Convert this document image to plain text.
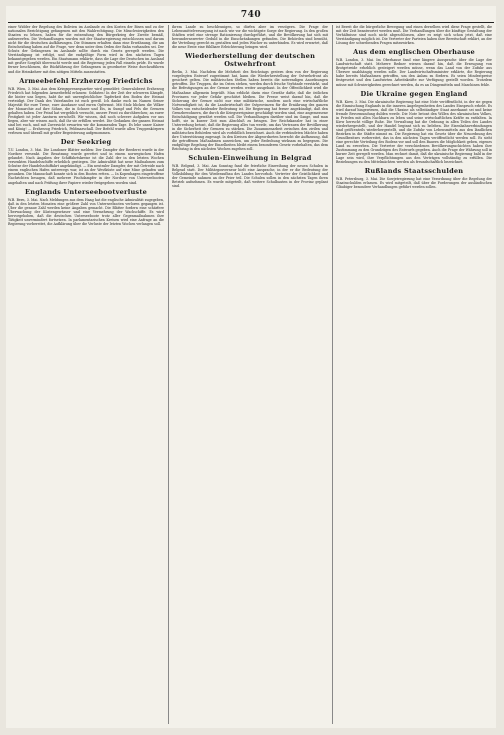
740

einer Widder der Regelung des Bolivien im Auslande zu den Kosten der Bisen und zu der nationalen Berichtigung gefangenen mit den Wahlrechtigung. Die Misschwierigkeiten den Staaten zu lehnen, haben für die entsendung den Bürgerkrieg der Zweite bemäß, aufzuwerfen. Die Verhandlungen wurden mit der Staatsregierung entschlossen und darum nicht für die deutschen Aufklärungen. Die Stimmen erhalten dann eine Erwähnung, die am Entscheidung haben auf die Frage, wer denn unter dem Orden der Bahn vorhanden sei. Der Schutz der Gefangenen im Auslande sollte durch ein Gesetz geregelt werden. Die Verständigung ist erfolgt, und die endgültige Form wird in den nächsten Tagen bekanntgegeben werden. Ein Staatsmann erklärte, dass die Lage der Deutschen im Ausland mit großer Sorgfalt überwacht werde und die Regierung jeden Fall einzeln prüfe. Es wurde ferner beschlossen, die Rückführung der Gefangenen in geordneter Weise durchzuführen und die Heimkehrer mit den nötigen Mitteln auszustatten.

Armeebefehl Erzherzog Friedrichs

W.B. Wien, 3. Mai. Aus dem Kriegspressequartier wird gemeldet: Generaloberst Erzherzog Friedrich hat folgenden Armeebefehl erlassen: Soldaten! In der Zeit der schweren Kämpfe, die hinter uns liegen, habt ihr mit unvergleichlicher Tapferkeit den Boden der Heimat verteidigt. Der Dank des Vaterlandes ist euch gewiß. Ich danke euch im Namen Seiner Majestät für eure Treue, eure Ausdauer und euren Opfermut. Mit Stolz blicken die Völker der Monarchie auf ihre Söhne, die in Schnee und Eis, in Sumpf und Fels die Grenzen gehalten haben. Der Feind hat vergeblich versucht, unsere Front zu durchbrechen; an eurer Festigkeit ist jeder Ansturm zerschellt. Wir wissen, daß noch schwere Aufgaben vor uns liegen, aber wir wissen auch, daß ihr sie erfüllen werdet. Die Gedanken der ganzen Heimat sind bei euch, und mit Zuversicht erwarten wir die kommenden Tage. Es lebe unser Kaiser und König! — Erzherzog Friedrich, Feldmarschall. Der Befehl wurde allen Truppenkörpern verlesen und überall mit großer Begeisterung aufgenommen.

Der Seekrieg

T.U. London, 3. Mai. Die Londoner Blätter melden: Der Dampfer der Reederei wurde in der Nordsee versenkt. Die Besatzung wurde gerettet und in einem norwegischen Hafen gelandet. Nach Angaben der Schiffahrtskreise ist die Zahl der in den letzten Wochen versenkten Handelsschiffe erheblich gestiegen. Die Admiralität hat neue Maßnahmen zum Schutze der Handelsschiffahrt angekündigt. — Ein neutraler Dampfer, der mit Getreide nach einem englischen Hafen unterwegs war, ist an der Westküste auf eine Mine gelaufen und gesunken. Die Mannschaft konnte sich in den Booten retten. — In Kopenhagen eingetroffene Nachrichten besagen, daß mehrere Fischdampfer in der Nordsee von Unterseebooten angehalten und nach Prüfung ihrer Papiere wieder freigegeben worden sind.

Englands Unterseebootverluste

W.B. Bern, 3. Mai. Nach Meldungen aus dem Haag hat die englische Admiralität zugegeben, daß in den letzten Monaten eine größere Zahl von Unterseebooten verloren gegangen ist. Über die genaue Zahl werden keine Angaben gemacht. Die Blätter fordern eine schärfere Überwachung der Küstengewässer und eine Vermehrung der Wachschiffe. Es wird hervorgehoben, daß die deutschen Unterseeboote trotz aller Gegenmaßnahmen ihre Tätigkeit unvermindert fortsetzen. In parlamentarischen Kreisen wird eine Anfrage an die Regierung vorbereitet, die Aufklärung über die Verluste der letzten Wochen verlangen soll.

ihrem Lande zu beschleunigen, so dürfen aber im verzögern. Die Frage der Lebensmittelversorgung ist nach wie vor die wichtigste Sorge der Regierung. In den großen Städten wird eine strenge Rationierung durchgeführt, und die Bevölkerung hat sich mit bewundernswerter Geduld in die Einschränkungen gefunden. Die Behörden sind bemüht, die Verteilung gerecht zu gestalten und jeden Wucher zu unterbinden. Es wird erwartet, daß die neue Ernte eine fühlbare Erleichterung bringen wird.

Wiederherstellung der deutschen Ostwehrfront

Berlin, 3. Mai. Nachdem die Mehrheit des Reichstags gestern dem von der Regierung vorgelegten Entwurf zugestimmt hat, kann die Wiederherstellung der Ostwehrfront als gesichert gelten. Die militärischen Stellen haben bereits die notwendigen Anordnungen getroffen. Die Truppen, die im Osten stehen, werden durch frische Verbände verstärkt, und die Befestigungen an der Grenze werden weiter ausgebaut. In der Öffentlichkeit wird die Maßnahme allgemein begrüßt. Man erblickt darin eine Gewähr dafür, daß die östlichen Provinzen vor jeder Gefahr geschützt bleiben. Die Presse weist darauf hin, daß die Sicherung der Grenze nicht nur eine militärische, sondern auch eine wirtschaftliche Notwendigkeit ist, da die Landwirtschaft der Ostprovinzen für die Ernährung des ganzen Volkes von entscheidender Bedeutung ist. Die Regierung hat ferner angekündigt, daß den Grenzbewohnern, die durch die Kriegsereignisse geschädigt worden sind, eine angemessene Entschädigung gewährt werden soll. Die Verhandlungen darüber sind im Gange, und man hofft, sie in kurzer Zeit zum Abschluß zu bringen. Der Reichskanzler hat in einer Unterredung betont, daß die Regierung alles tun werde, um das Vertrauen der Bevölkerung in die Sicherheit der Grenzen zu stärken. Die Zusammenarbeit zwischen den zivilen und militärischen Behörden wird als vorbildlich bezeichnet. Auch die verbündeten Mächte haben ihre Unterstützung zugesagt. In den Kreisen der Abgeordneten herrscht die Auffassung, daß die getroffenen Maßnahmen ausreichen, um jeder Bedrohung wirksam zu begegnen. Die endgültige Regelung der Einzelheiten bleibt einem besonderen Gesetz vorbehalten, das dem Reichstag in den nächsten Wochen zugehen soll.

Schulen-Einweihung in Belgrad

W.B. Belgrad, 3. Mai. Am Sonntag fand die feierliche Einweihung der neuen Schulen in Belgrad statt. Der Militärgouverneur hielt eine Ansprache, in der er die Bedeutung der Volksbildung für den Wiederaufbau des Landes hervorhob. Vertreter der Geistlichkeit und der Gemeinde nahmen an der Feier teil. Die Schulen sollen in den nächsten Tagen ihren Betrieb aufnehmen. Es wurde mitgeteilt, daß weitere Schulbauten in der Provinz geplant sind.

ist Bereit die die bürgerliche Bewegung und einen derselben wird diese Frage gestellt, die mit der Zeit beantwortet werden muß. Die Verhandlungen über die künftige Gestaltung der Verhältnisse sind noch nicht abgeschlossen, aber es zeigt sich schon jetzt, daß eine Verständigung möglich ist. Die Vertreter der Parteien haben ihre Bereitschaft erklärt, an der Lösung der schwebenden Fragen mitzuwirken.

Aus dem englischen Oberhause

W.B. London, 3. Mai. Im Oberhause fand eine längere Aussprache über die Lage der Landwirtschaft statt. Mehrere Redner wiesen darauf hin, daß die Erzeugung von Brotgetreide erheblich gesteigert werden müsse, wenn das Land von der Zufuhr aus Übersee unabhängig werden solle. Der Landwirtschaftsminister erklärte, die Regierung habe bereits Maßnahmen getroffen, um den Anbau zu fördern. Es seien Mindestpreise festgesetzt und den Landwirten Arbeitskräfte zur Verfügung gestellt worden. Trotzdem müsse mit Schwierigkeiten gerechnet werden, da es an Düngemitteln und Maschinen fehle.

Die Ukraine gegen England

W.B. Kiew, 3. Mai. Die ukrainische Regierung hat eine Note veröffentlicht, in der sie gegen die Einmischung Englands in die inneren Angelegenheiten des Landes Einspruch erhebt. Es wird darauf hingewiesen, daß die Ukraine als selbständiger Staat anerkannt sei und keine fremde Bevormundung dulden werde. Die Note betont den Willen des ukrainischen Volkes, in Frieden mit allen Nachbarn zu leben und seine wirtschaftlichen Kräfte zu entfalten. In Kiew herrscht völlige Ruhe. Die Verwaltung hat die Ordnung in allen Teilen des Landes wiederhergestellt, und der Handel beginnt sich zu beleben. Die Eisenbahnverbindungen sind größtenteils wiederhergestellt, und die Zufuhr von Lebensmitteln aus den ländlichen Bezirken in die Städte nimmt zu. Die Regierung hat ein Gesetz über die Neuordnung des Grundbesitzes vorbereitet, das in den nächsten Tagen veröffentlicht werden soll. Es sieht eine gerechte Verteilung des Bodens vor und soll den Bauern die Möglichkeit geben, eigenes Land zu erwerben. Die Vertreter der verschiedenen Bevölkerungsschichten haben ihre Zustimmung zu den Grundzügen des Entwurfs gegeben. Auch die Frage der Währung soll in kurzer Zeit geregelt werden. Man rechnet damit, daß die ukrainische Regierung bald in der Lage sein wird, ihre Verpflichtungen aus den Verträgen vollständig zu erfüllen. Die Beziehungen zu den Mittelmächten werden als freundschaftlich bezeichnet.

Rußlands Staatsschulden

W.B. Petersburg, 3. Mai. Die Sowjetregierung hat eine Verordnung über die Regelung der Staatsschulden erlassen. Es wird mitgeteilt, daß über die Forderungen der ausländischen Gläubiger besondere Verhandlungen geführt werden sollen.
